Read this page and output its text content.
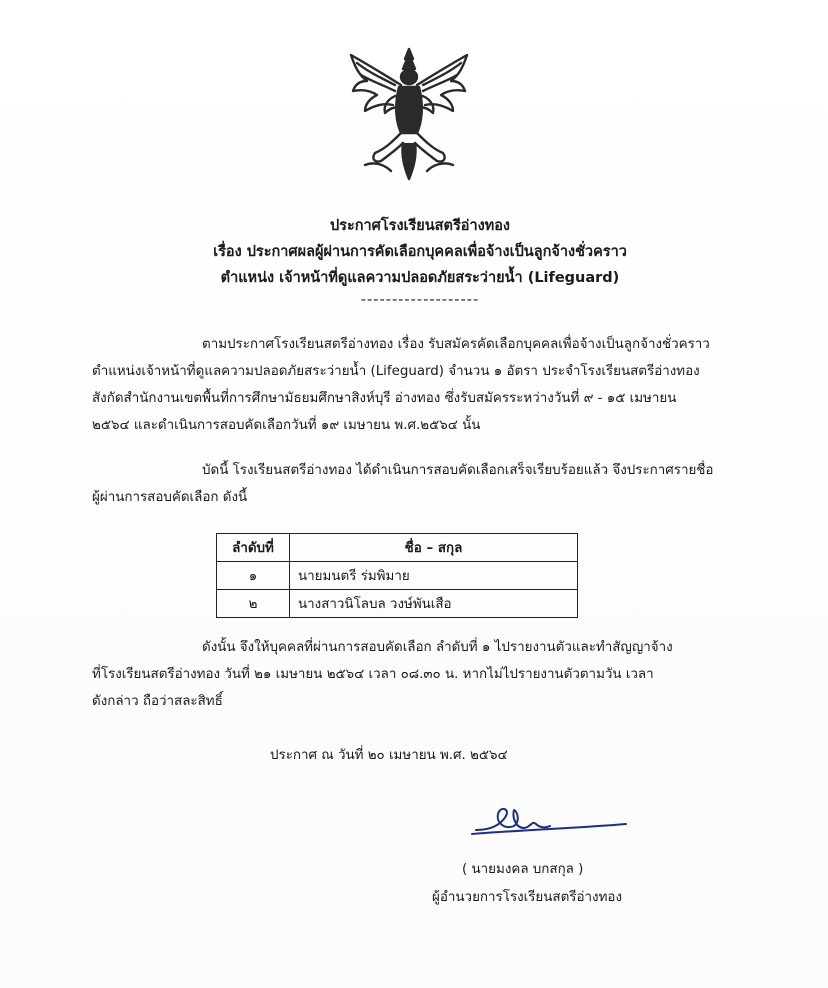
ประกาศโรงเรียนสตรีอ่างทอง
เรื่อง ประกาศผลผู้ผ่านการคัดเลือกบุคคลเพื่อจ้างเป็นลูกจ้างชั่วคราว
ตำแหน่ง เจ้าหน้าที่ดูแลความปลอดภัยสระว่ายน้ำ (Lifeguard)
-------------------
ตามประกาศโรงเรียนสตรีอ่างทอง เรื่อง รับสมัครคัดเลือกบุคคลเพื่อจ้างเป็นลูกจ้างชั่วคราว
ตำแหน่งเจ้าหน้าที่ดูแลความปลอดภัยสระว่ายน้ำ (Lifeguard) จำนวน ๑ อัตรา ประจำโรงเรียนสตรีอ่างทอง
สังกัดสำนักงานเขตพื้นที่การศึกษามัธยมศึกษาสิงห์บุรี อ่างทอง ซึ่งรับสมัครระหว่างวันที่ ๙ - ๑๕ เมษายน
๒๕๖๔ และดำเนินการสอบคัดเลือกวันที่ ๑๙ เมษายน พ.ศ.๒๕๖๔ นั้น
บัดนี้ โรงเรียนสตรีอ่างทอง ได้ดำเนินการสอบคัดเลือกเสร็จเรียบร้อยแล้ว จึงประกาศรายชื่อ
ผู้ผ่านการสอบคัดเลือก ดังนี้
ลำดับที่	ชื่อ – สกุล
๑	นายมนตรี ร่มพิมาย
๒	นางสาวนิโลบล วงษ์พันเสือ
ดังนั้น จึงให้บุคคลที่ผ่านการสอบคัดเลือก ลำดับที่ ๑ ไปรายงานตัวและทำสัญญาจ้าง
ที่โรงเรียนสตรีอ่างทอง วันที่ ๒๑ เมษายน ๒๕๖๔ เวลา ๐๘.๓๐ น. หากไม่ไปรายงานตัวตามวัน เวลา
ดังกล่าว ถือว่าสละสิทธิ์
ประกาศ ณ วันที่ ๒๐ เมษายน พ.ศ. ๒๕๖๔
( นายมงคล บกสกุล )
ผู้อำนวยการโรงเรียนสตรีอ่างทอง
